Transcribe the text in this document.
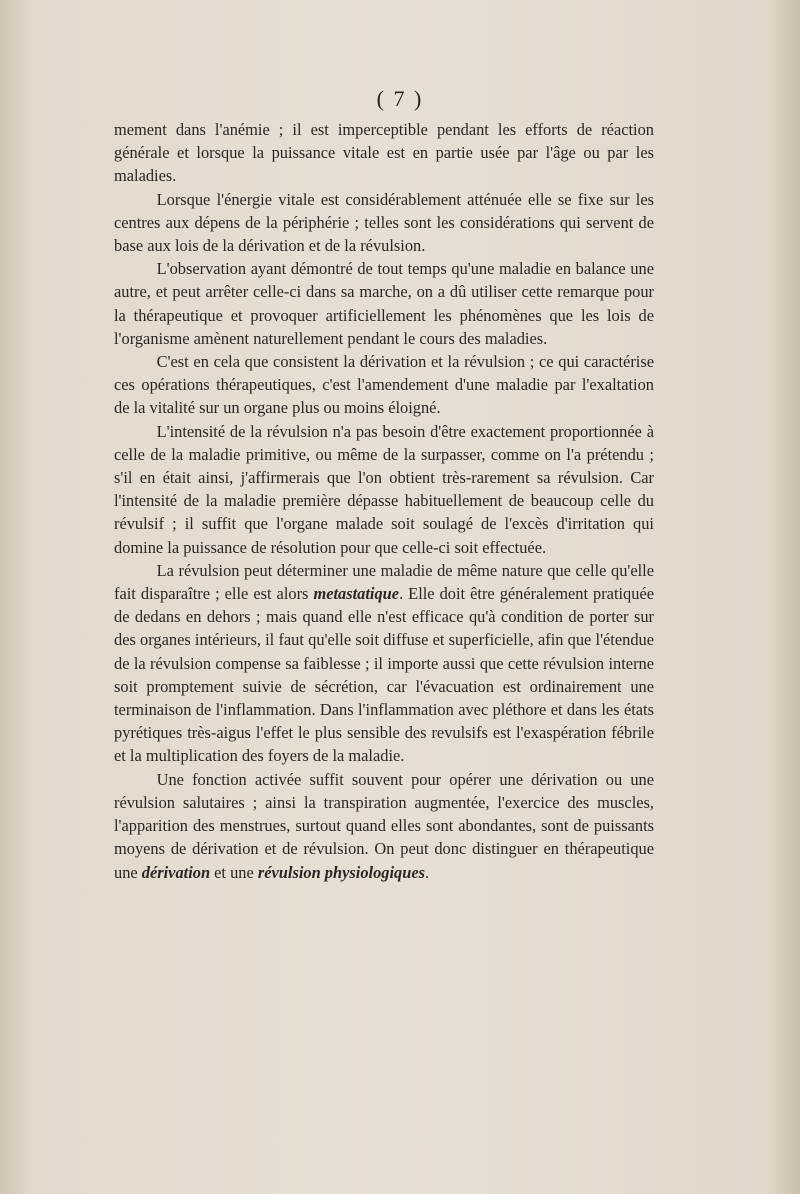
( 7 )

mement dans l'anémie ; il est imperceptible pendant les efforts de réaction générale et lorsque la puissance vitale est en partie usée par l'âge ou par les maladies.

Lorsque l'énergie vitale est considérablement atténuée elle se fixe sur les centres aux dépens de la périphérie ; telles sont les considérations qui servent de base aux lois de la dérivation et de la révulsion.

L'observation ayant démontré de tout temps qu'une maladie en balance une autre, et peut arrêter celle-ci dans sa marche, on a dû utiliser cette remarque pour la thérapeutique et provoquer artificiellement les phénomènes que les lois de l'organisme amènent naturellement pendant le cours des maladies.

C'est en cela que consistent la dérivation et la révulsion ; ce qui caractérise ces opérations thérapeutiques, c'est l'amendement d'une maladie par l'exaltation de la vitalité sur un organe plus ou moins éloigné.

L'intensité de la révulsion n'a pas besoin d'être exactement proportionnée à celle de la maladie primitive, ou même de la surpasser, comme on l'a prétendu ; s'il en était ainsi, j'affirmerais que l'on obtient très-rarement sa révulsion. Car l'intensité de la maladie première dépasse habituellement de beaucoup celle du révulsif ; il suffit que l'organe malade soit soulagé de l'excès d'irritation qui domine la puissance de résolution pour que celle-ci soit effectuée.

La révulsion peut déterminer une maladie de même nature que celle qu'elle fait disparaître ; elle est alors metastatique. Elle doit être généralement pratiquée de dedans en dehors ; mais quand elle n'est efficace qu'à condition de porter sur des organes intérieurs, il faut qu'elle soit diffuse et superficielle, afin que l'étendue de la révulsion compense sa faiblesse ; il importe aussi que cette révulsion interne soit promptement suivie de sécrétion, car l'évacuation est ordinairement une terminaison de l'inflammation. Dans l'inflammation avec pléthore et dans les états pyrétiques très-aigus l'effet le plus sensible des revulsifs est l'exaspération fébrile et la multiplication des foyers de la maladie.

Une fonction activée suffit souvent pour opérer une dérivation ou une révulsion salutaires ; ainsi la transpiration augmentée, l'exercice des muscles, l'apparition des menstrues, surtout quand elles sont abondantes, sont de puissants moyens de dérivation et de révulsion. On peut donc distinguer en thérapeutique une dérivation et une révulsion physiologiques.
